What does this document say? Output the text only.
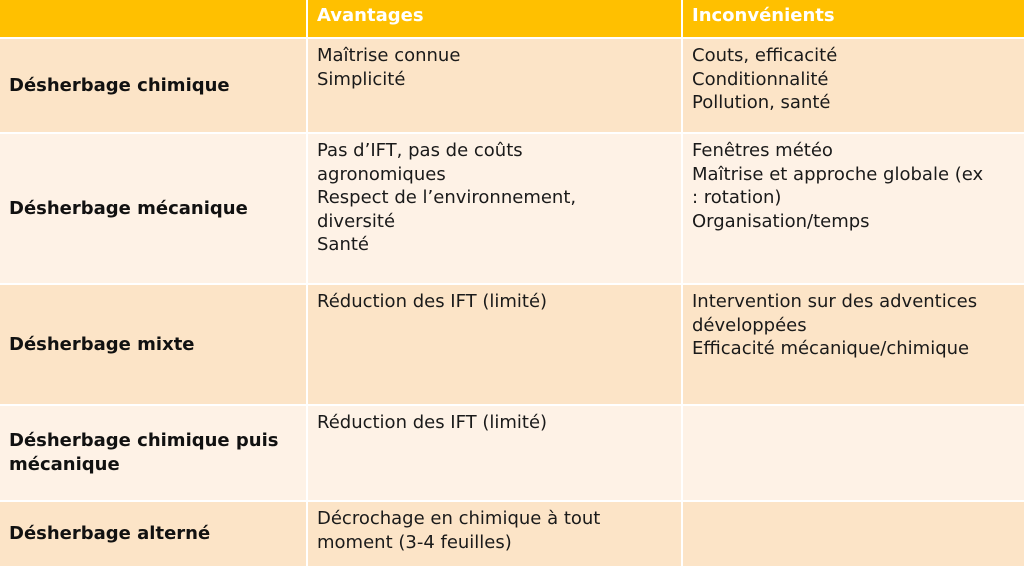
Avantages	Inconvénients
Désherbage chimique
Maîtrise connue
Simplicité
Couts, efficacité
Conditionnalité
Pollution, santé
Désherbage mécanique
Pas d’IFT, pas de coûts
agronomiques
Respect de l’environnement,
diversité
Santé
Fenêtres météo
Maîtrise et approche globale (ex
: rotation)
Organisation/temps
Désherbage mixte
Réduction des IFT (limité)	Intervention sur des adventices
développées
Efficacité mécanique/chimique
Désherbage chimique puis
mécanique
Réduction des IFT (limité)
Désherbage alterné
Décrochage en chimique à tout
moment (3-4 feuilles)
